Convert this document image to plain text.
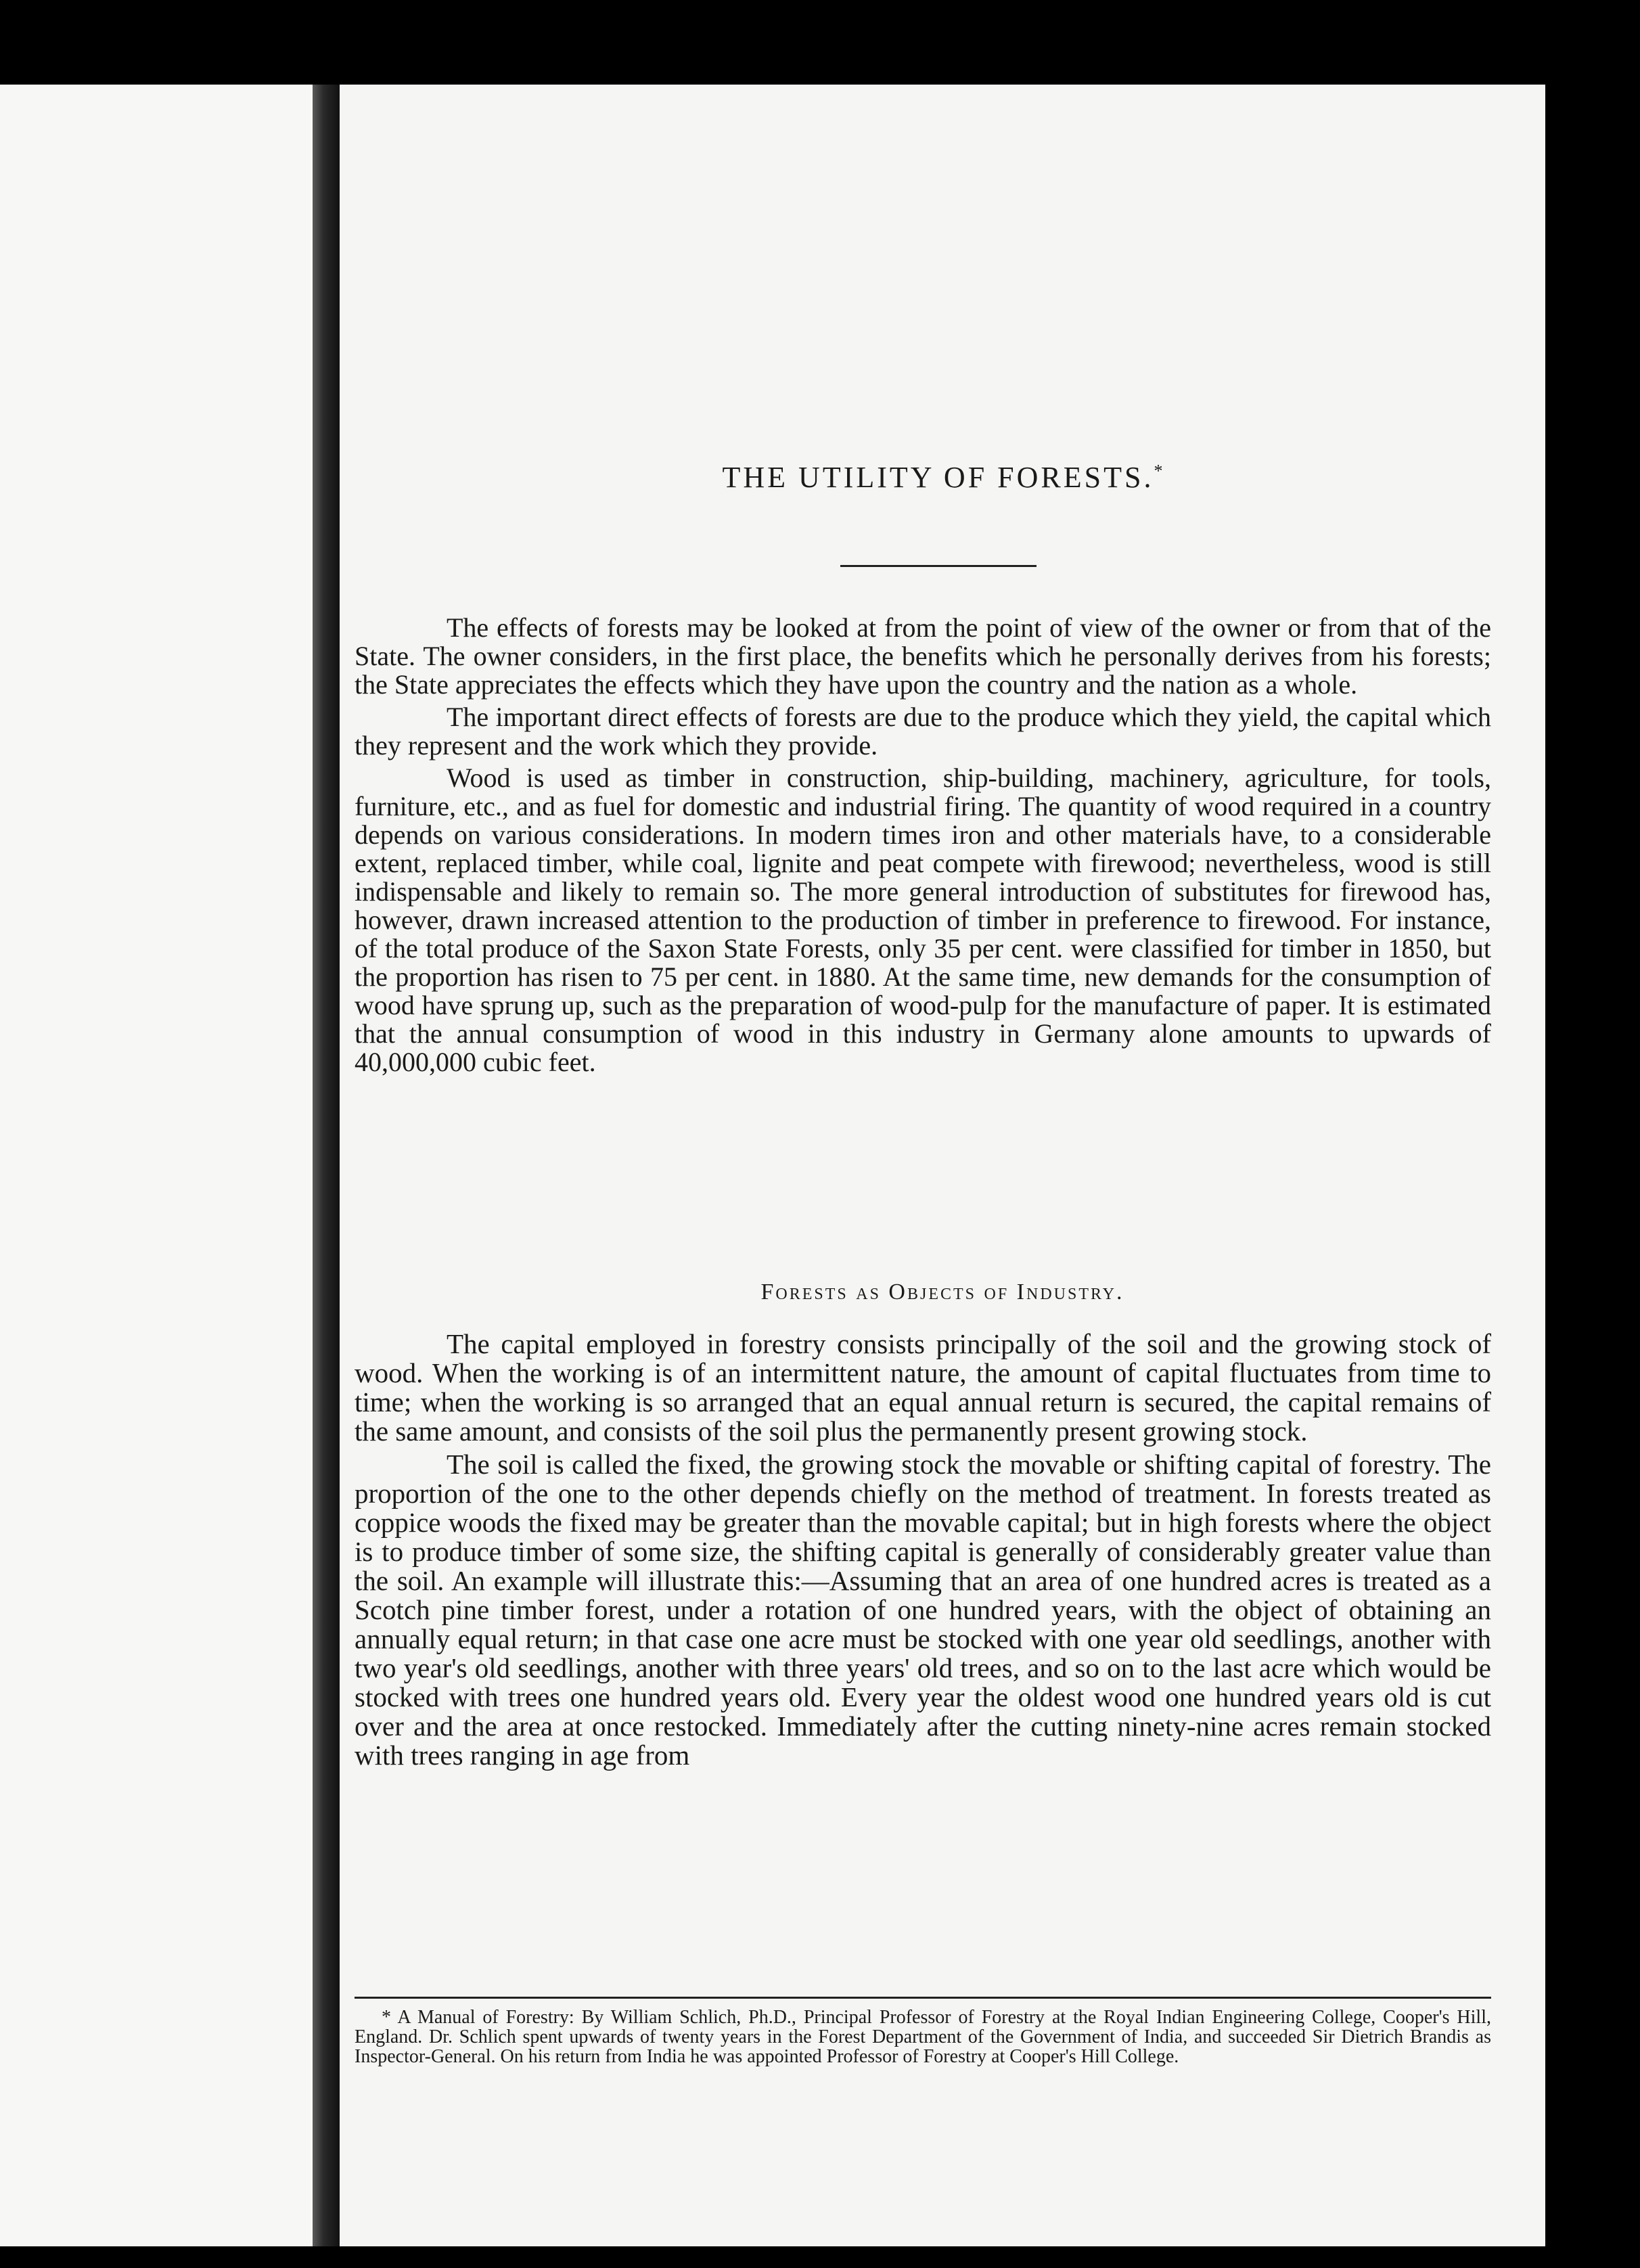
THE UTILITY OF FORESTS.*

The effects of forests may be looked at from the point of view of the owner or from that of the State. The owner considers, in the first place, the benefits which he personally derives from his forests; the State appreciates the effects which they have upon the country and the nation as a whole.

The important direct effects of forests are due to the produce which they yield, the capital which they represent and the work which they provide.

Wood is used as timber in construction, ship-building, machinery, agriculture, for tools, furniture, etc., and as fuel for domestic and industrial firing. The quantity of wood required in a country depends on various considerations. In modern times iron and other materials have, to a considerable extent, replaced timber, while coal, lignite and peat compete with firewood; nevertheless, wood is still indispensable and likely to remain so. The more general introduction of substitutes for firewood has, however, drawn increased attention to the production of timber in preference to firewood. For instance, of the total produce of the Saxon State Forests, only 35 per cent. were classified for timber in 1850, but the proportion has risen to 75 per cent. in 1880. At the same time, new demands for the consumption of wood have sprung up, such as the preparation of wood-pulp for the manufacture of paper. It is estimated that the annual consumption of wood in this industry in Germany alone amounts to upwards of 40,000,000 cubic feet.

Forests as Objects of Industry.

The capital employed in forestry consists principally of the soil and the growing stock of wood. When the working is of an intermittent nature, the amount of capital fluctuates from time to time; when the working is so arranged that an equal annual return is secured, the capital remains of the same amount, and consists of the soil plus the permanently present growing stock.

The soil is called the fixed, the growing stock the movable or shifting capital of forestry. The proportion of the one to the other depends chiefly on the method of treatment. In forests treated as coppice woods the fixed may be greater than the movable capital; but in high forests where the object is to produce timber of some size, the shifting capital is generally of considerably greater value than the soil. An example will illustrate this:—Assuming that an area of one hundred acres is treated as a Scotch pine timber forest, under a rotation of one hundred years, with the object of obtaining an annually equal return; in that case one acre must be stocked with one year old seedlings, another with two year's old seedlings, another with three years' old trees, and so on to the last acre which would be stocked with trees one hundred years old. Every year the oldest wood one hundred years old is cut over and the area at once restocked. Immediately after the cutting ninety-nine acres remain stocked with trees ranging in age from

* A Manual of Forestry: By William Schlich, Ph.D., Principal Professor of Forestry at the Royal Indian Engineering College, Cooper's Hill, England. Dr. Schlich spent upwards of twenty years in the Forest Department of the Government of India, and succeeded Sir Dietrich Brandis as Inspector-General. On his return from India he was appointed Professor of Forestry at Cooper's Hill College.
